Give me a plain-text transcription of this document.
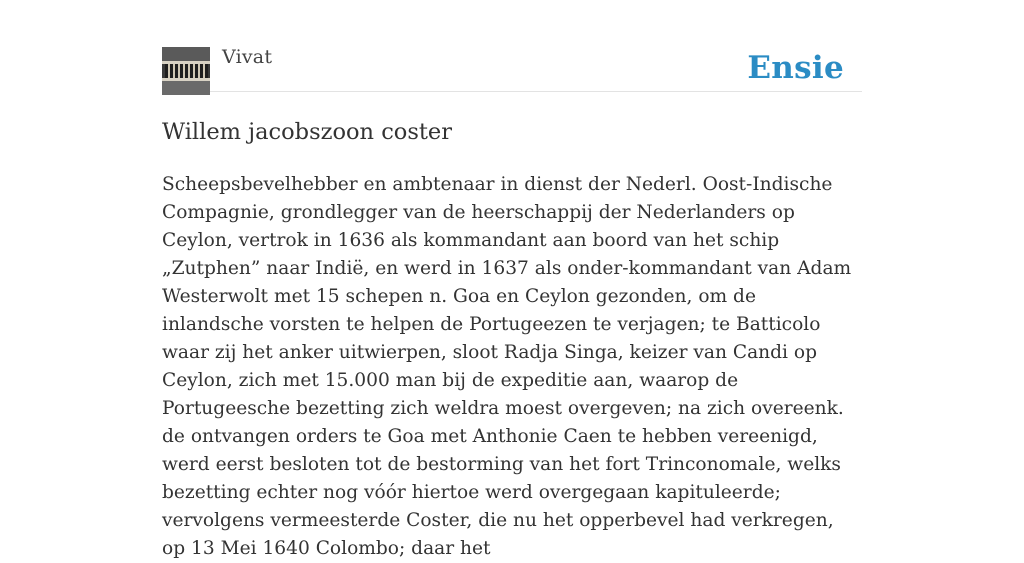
Vivat	Ensie
Willem jacobszoon coster

Scheepsbevelhebber en ambtenaar in dienst der Nederl. Oost-Indische Compagnie, grondlegger van de heerschappij der Nederlanders op Ceylon, vertrok in 1636 als kommandant aan boord van het schip „Zutphen” naar Indië, en werd in 1637 als onder-kommandant van Adam Westerwolt met 15 schepen n. Goa en Ceylon gezonden, om de inlandsche vorsten te helpen de Portugeezen te verjagen; te Batticolo waar zij het anker uitwierpen, sloot Radja Singa, keizer van Candi op Ceylon, zich met 15.000 man bij de expeditie aan, waarop de Portugeesche bezetting zich weldra moest overgeven; na zich overeenk. de ontvangen orders te Goa met Anthonie Caen te hebben vereenigd, werd eerst besloten tot de bestorming van het fort Trinconomale, welks bezetting echter nog vóór hiertoe werd overgegaan kapituleerde; vervolgens vermeesterde Coster, die nu het opperbevel had verkregen, op 13 Mei 1640 Colombo; daar het
